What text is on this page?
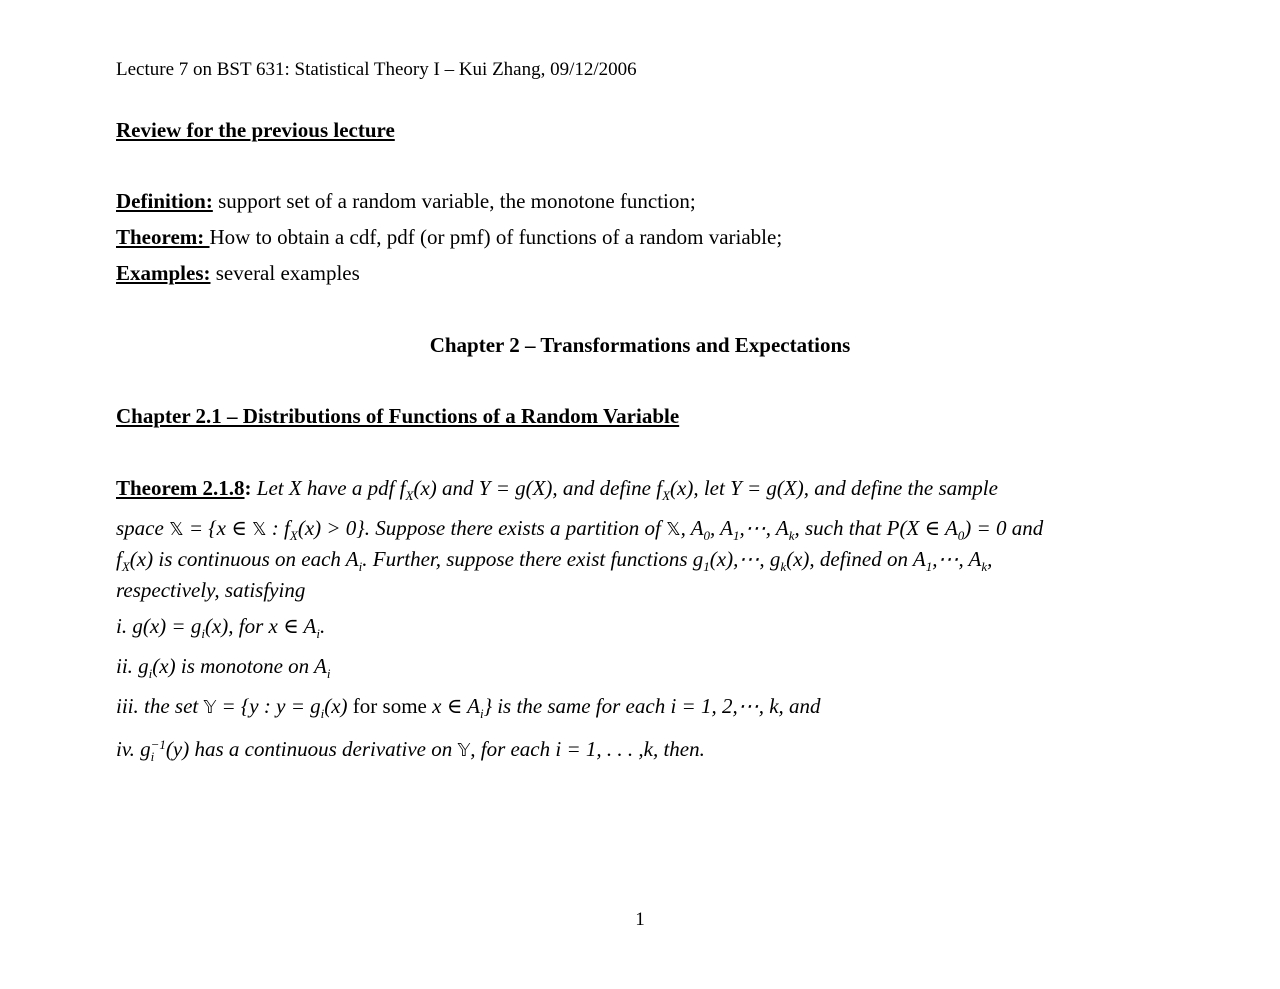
Lecture 7 on BST 631: Statistical Theory I – Kui Zhang, 09/12/2006
Review for the previous lecture
Definition: support set of a random variable, the monotone function;
Theorem: How to obtain a cdf, pdf (or pmf) of functions of a random variable;
Examples: several examples
Chapter 2 – Transformations and Expectations
Chapter 2.1 – Distributions of Functions of a Random Variable
Theorem 2.1.8: Let X have a pdf $f_X(x)$ and Y = g(X), and define $f_X(x)$, let Y = g(X), and define the sample
space 𝕏 = {x ∈ 𝕏 : $f_X(x) > 0$}. Suppose there exists a partition of 𝕏, $A_0$, $A_1,\cdots$, $A_k$, such that P(X ∈ $A_0) = 0$ and
$f_X(x)$ is continuous on each $A_i$. Further, suppose there exist functions $g_1(x),\cdots$, $g_k(x)$, defined on $A_1,\cdots$, $A_k$,
respectively, satisfying
i. $g(x) = g_i(x)$, for x ∈ $A_i$.
ii. $g_i(x)$ is monotone on $A_i$
iii. the set 𝕐 = {y : $y = g_i(x)$ for some x ∈ $A_i$} is the same for each i = 1, 2,⋯, k, and
iv. g −1
i (y) has a continuous derivative on 𝕐, for each i = 1, . . . ,k, then.
1
